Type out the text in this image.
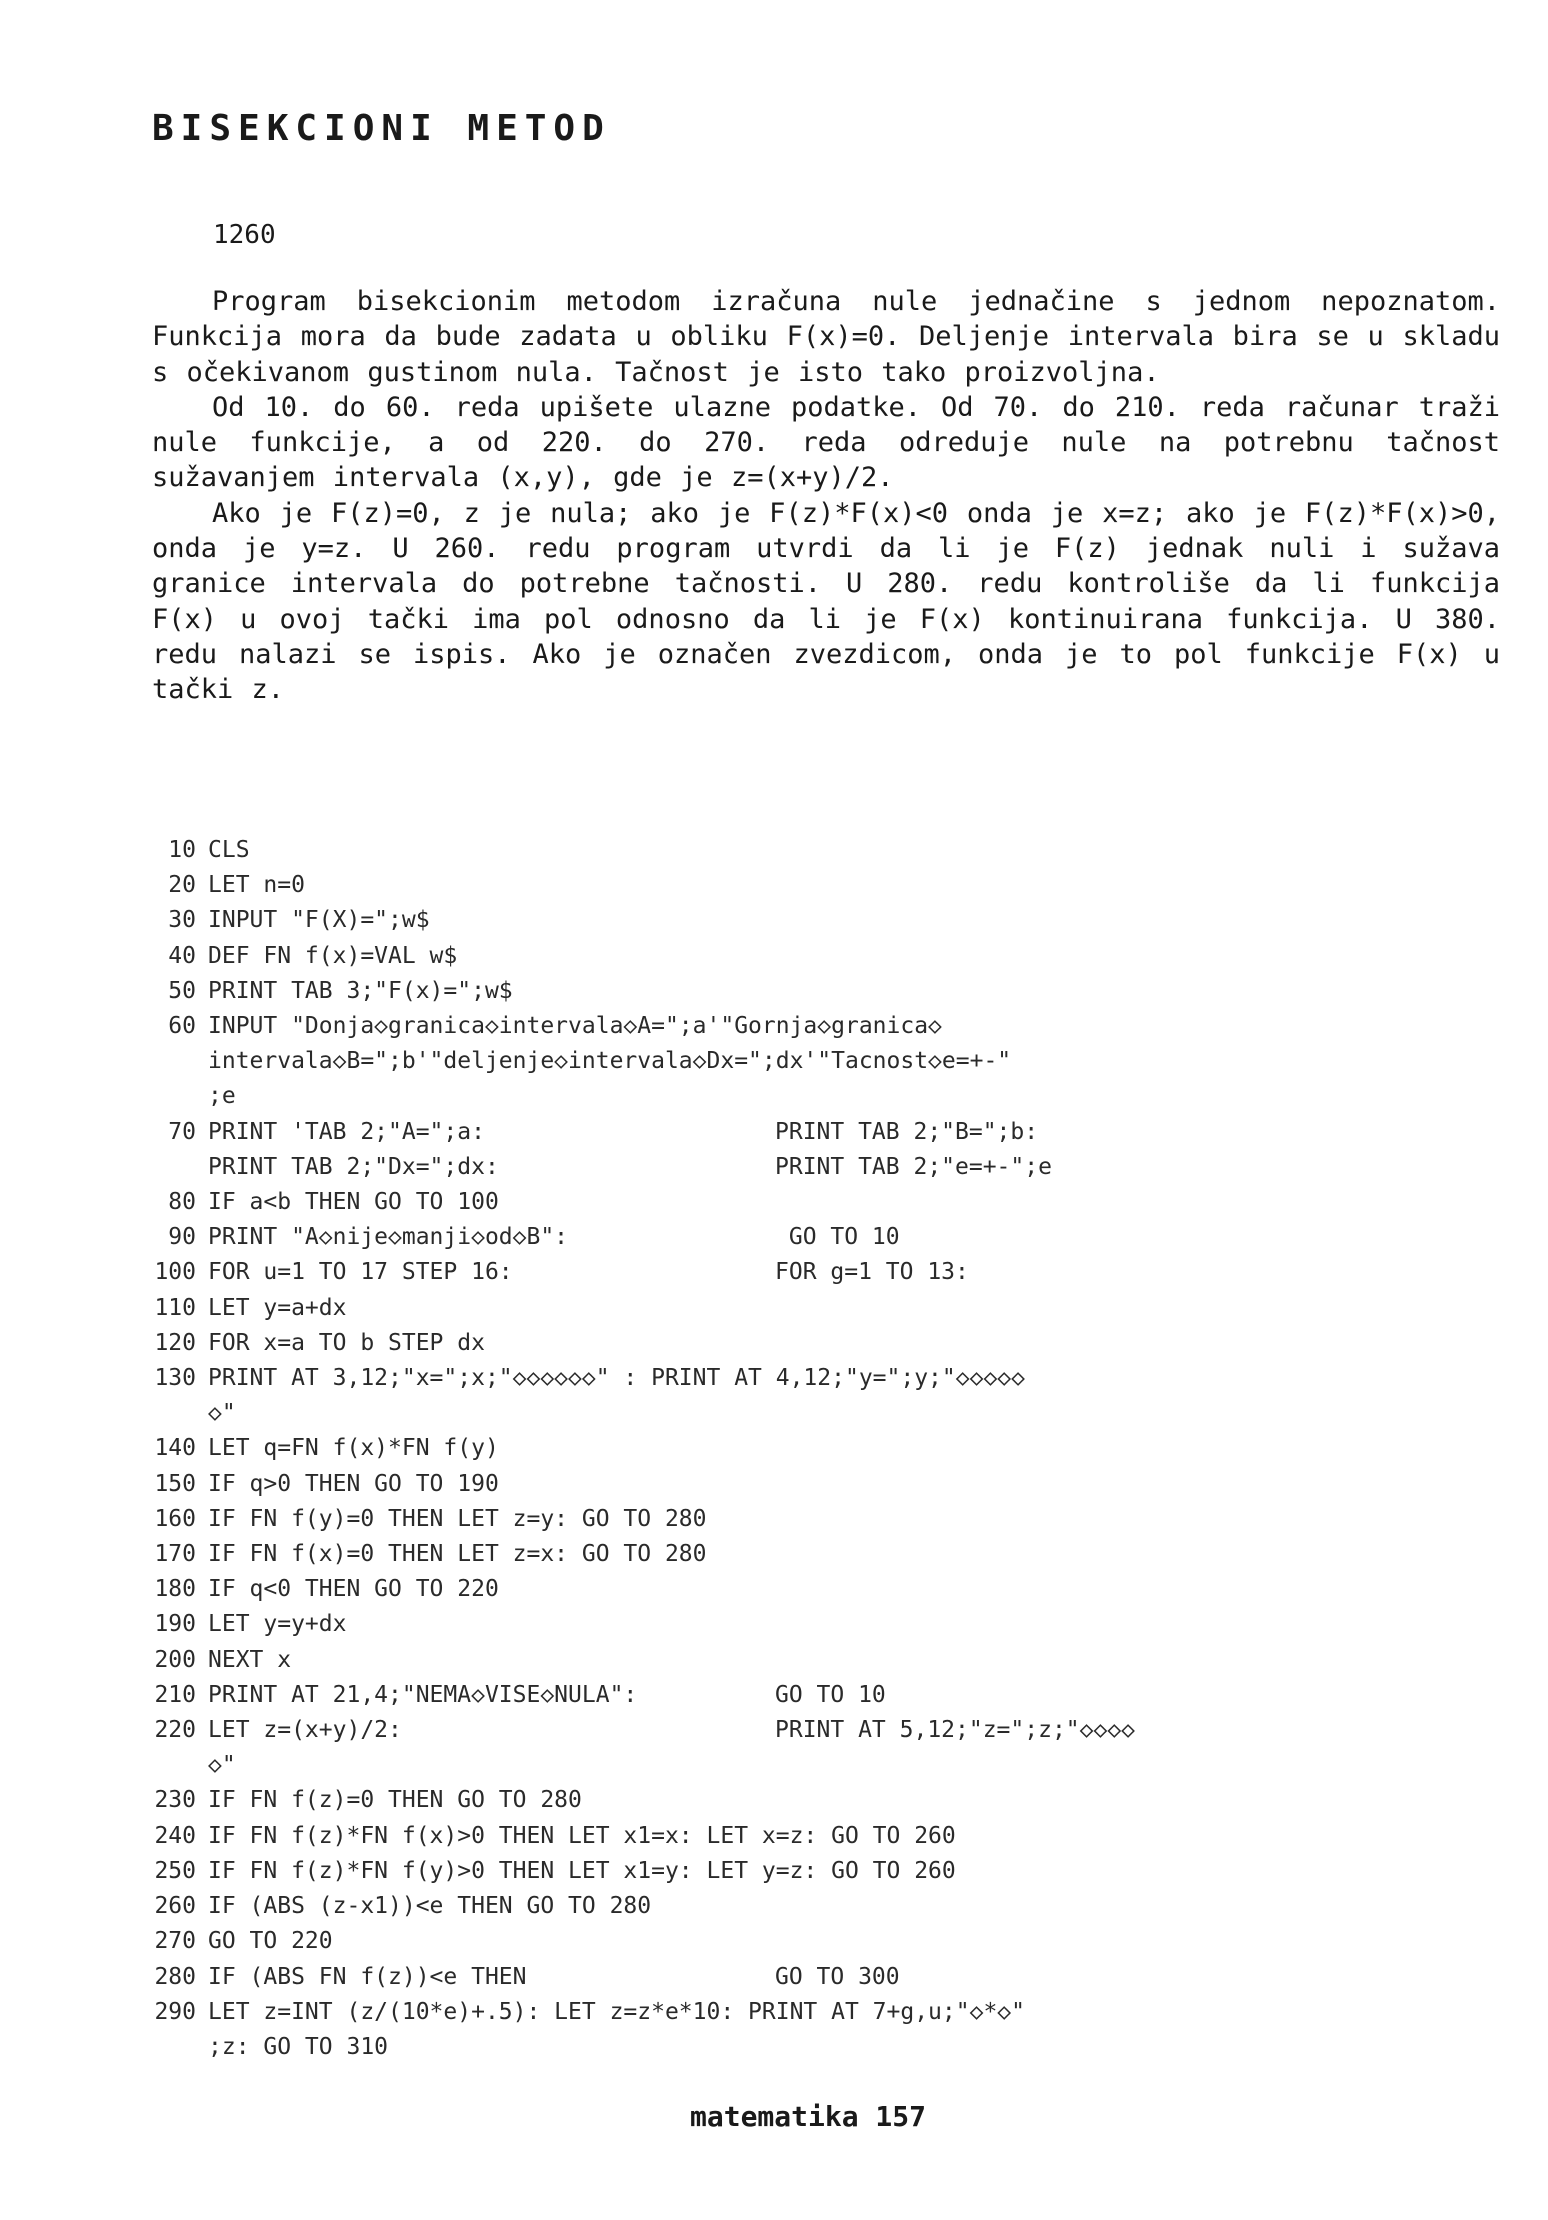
BISEKCIONI METOD
1260

Program bisekcionim metodom izračuna nule jednačine s jednom nepoznatom. Funkcija mora da bude zadata u obliku F(x)=0. Deljenje intervala bira se u skladu s očekivanom gustinom nula. Tačnost je isto tako proizvoljna.

Od 10. do 60. reda upišete ulazne podatke. Od 70. do 210. reda računar traži nule funkcije, a od 220. do 270. reda odreduje nule na potrebnu tačnost sužavanjem intervala (x,y), gde je z=(x+y)/2.

Ako je F(z)=0, z je nula; ako je F(z)*F(x)<0 onda je x=z; ako je F(z)*F(x)>0, onda je y=z. U 260. redu program utvrdi da li je F(z) jednak nuli i sužava granice intervala do potrebne tačnosti. U 280. redu kontroliše da li funkcija F(x) u ovoj tački ima pol odnosno da li je F(x) kontinuirana funkcija. U 380. redu nalazi se ispis. Ako je označen zvezdicom, onda je to pol funkcije F(x) u tački z.

10 CLS
20 LET n=0
30 INPUT "F(X)=";w$
40 DEF FN f(x)=VAL w$
50 PRINT TAB 3;"F(x)=";w$
60 INPUT "Donja◇granica◇intervala◇A=";a'"Gornja◇granica◇
intervala◇B=";b'"deljenje◇intervala◇Dx=";dx'"Tacnost◇e=+-"
;e
70 PRINT 'TAB 2;"A=";a:	PRINT TAB 2;"B=";b:
PRINT TAB 2;"Dx=";dx:	PRINT TAB 2;"e=+-";e
80 IF a<b THEN GO TO 100
90 PRINT "A◇nije◇manji◇od◇B":	GO TO 10
100 FOR u=1 TO 17 STEP 16:	FOR g=1 TO 13:
110 LET y=a+dx
120 FOR x=a TO b STEP dx
130 PRINT AT 3,12;"x=";x;"◇◇◇◇◇◇" : PRINT AT 4,12;"y=";y;"◇◇◇◇◇
◇"
140 LET q=FN f(x)*FN f(y)
150 IF q>0 THEN GO TO 190
160 IF FN f(y)=0 THEN LET z=y: GO TO 280
170 IF FN f(x)=0 THEN LET z=x: GO TO 280
180 IF q<0 THEN GO TO 220
190 LET y=y+dx
200 NEXT x
210 PRINT AT 21,4;"NEMA◇VISE◇NULA":	GO TO 10
220 LET z=(x+y)/2:	PRINT AT 5,12;"z=";z;"◇◇◇◇
◇"
230 IF FN f(z)=0 THEN GO TO 280
240 IF FN f(z)*FN f(x)>0 THEN LET x1=x: LET x=z: GO TO 260
250 IF FN f(z)*FN f(y)>0 THEN LET x1=y: LET y=z: GO TO 260
260 IF (ABS (z-x1))<e THEN GO TO 280
270 GO TO 220
280 IF (ABS FN f(z))<e THEN	GO TO 300
290 LET z=INT (z/(10*e)+.5): LET z=z*e*10: PRINT AT 7+g,u;"◇*◇"
;z: GO TO 310
matematika 157
